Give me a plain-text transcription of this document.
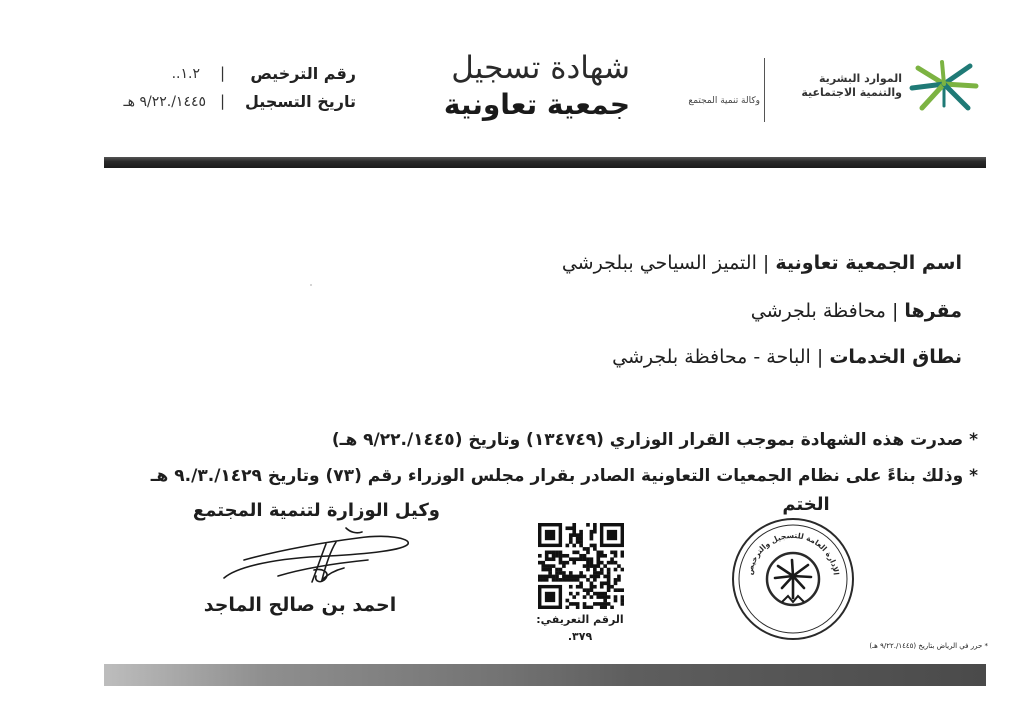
الموارد البشرية
والتنمية الاجتماعية
وكالة تنمية المجتمع
شهادة تسجيل
جمعية تعاونية
رقم الترخيص
|
١.٢..
تاريخ التسجيل
|
١٤٤٥/.٩/٢٢ هـ
اسم الجمعية تعاونية | التميز السياحي ببلجرشي
مقرها | محافظة بلجرشي
نطاق الخدمات | الباحة - محافظة بلجرشي
* صدرت هذه الشهادة بموجب القرار الوزاري (١٣٤٧٤٩) وتاريخ (١٤٤٥/.٩/٢٢ هـ)
* وذلك بناءً على نظام الجمعيات التعاونية الصادر بقرار مجلس الوزراء رقم (٧٣) وتاريخ ١٤٢٩/.٣/.٩ هـ
الختم
وكيل الوزارة لتنمية المجتمع
الإدارة العامة للتسجيل والترخيص
الرقم التعريفي:
٣٧٩.
احمد بن صالح الماجد
* حرر في الرياض بتاريخ (١٤٤٥/.٩/٢٢ هـ)
